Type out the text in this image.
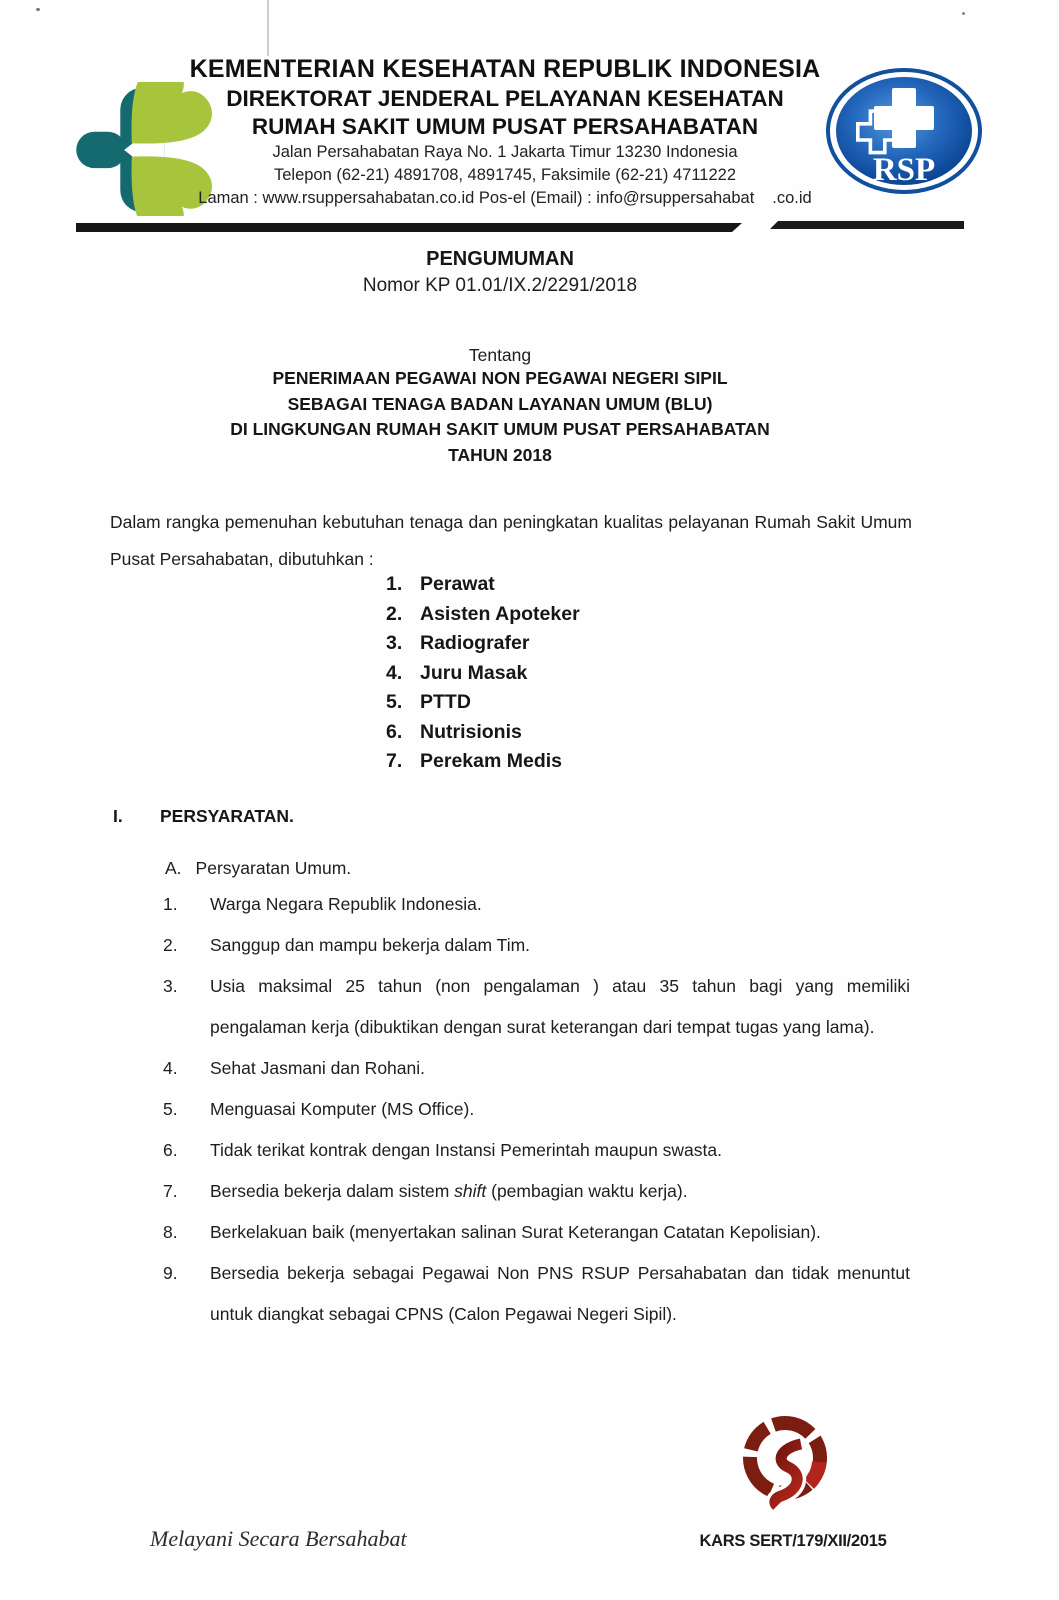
KEMENTERIAN KESEHATAN REPUBLIK INDONESIA
DIREKTORAT JENDERAL PELAYANAN KESEHATAN
RUMAH SAKIT UMUM PUSAT PERSAHABATAN
Jalan Persahabatan Raya No. 1 Jakarta Timur 13230 Indonesia
Telepon (62-21) 4891708, 4891745, Faksimile (62-21) 4711222
Laman : www.rsuppersahabatan.co.id Pos-el (Email) : info@rsuppersahabat .co.id
RSP
PENGUMUMAN
Nomor KP 01.01/IX.2/2291/2018
Tentang
PENERIMAAN PEGAWAI NON PEGAWAI NEGERI SIPIL
SEBAGAI TENAGA BADAN LAYANAN UMUM (BLU)
DI LINGKUNGAN RUMAH SAKIT UMUM PUSAT PERSAHABATAN
TAHUN 2018

Dalam rangka pemenuhan kebutuhan tenaga dan peningkatan kualitas pelayanan Rumah Sakit Umum Pusat Persahabatan, dibutuhkan :

1. Perawat
2. Asisten Apoteker
3. Radiografer
4. Juru Masak
5. PTTD
6. Nutrisionis
7. Perekam Medis
I. PERSYARATAN.
A. Persyaratan Umum.
1.	Warga Negara Republik Indonesia.
2.	Sanggup dan mampu bekerja dalam Tim.
3.	Usia maksimal 25 tahun (non pengalaman ) atau 35 tahun bagi yang memiliki pengalaman kerja (dibuktikan dengan surat keterangan dari tempat tugas yang lama).
4.	Sehat Jasmani dan Rohani.
5.	Menguasai Komputer (MS Office).
6.	Tidak terikat kontrak dengan Instansi Pemerintah maupun swasta.
7.	Bersedia bekerja dalam sistem shift (pembagian waktu kerja).
8.	Berkelakuan baik (menyertakan salinan Surat Keterangan Catatan Kepolisian).
9.	Bersedia bekerja sebagai Pegawai Non PNS RSUP Persahabatan dan tidak menuntut untuk diangkat sebagai CPNS (Calon Pegawai Negeri Sipil).
KARS SERT/179/XII/2015
Melayani Secara Bersahabat
